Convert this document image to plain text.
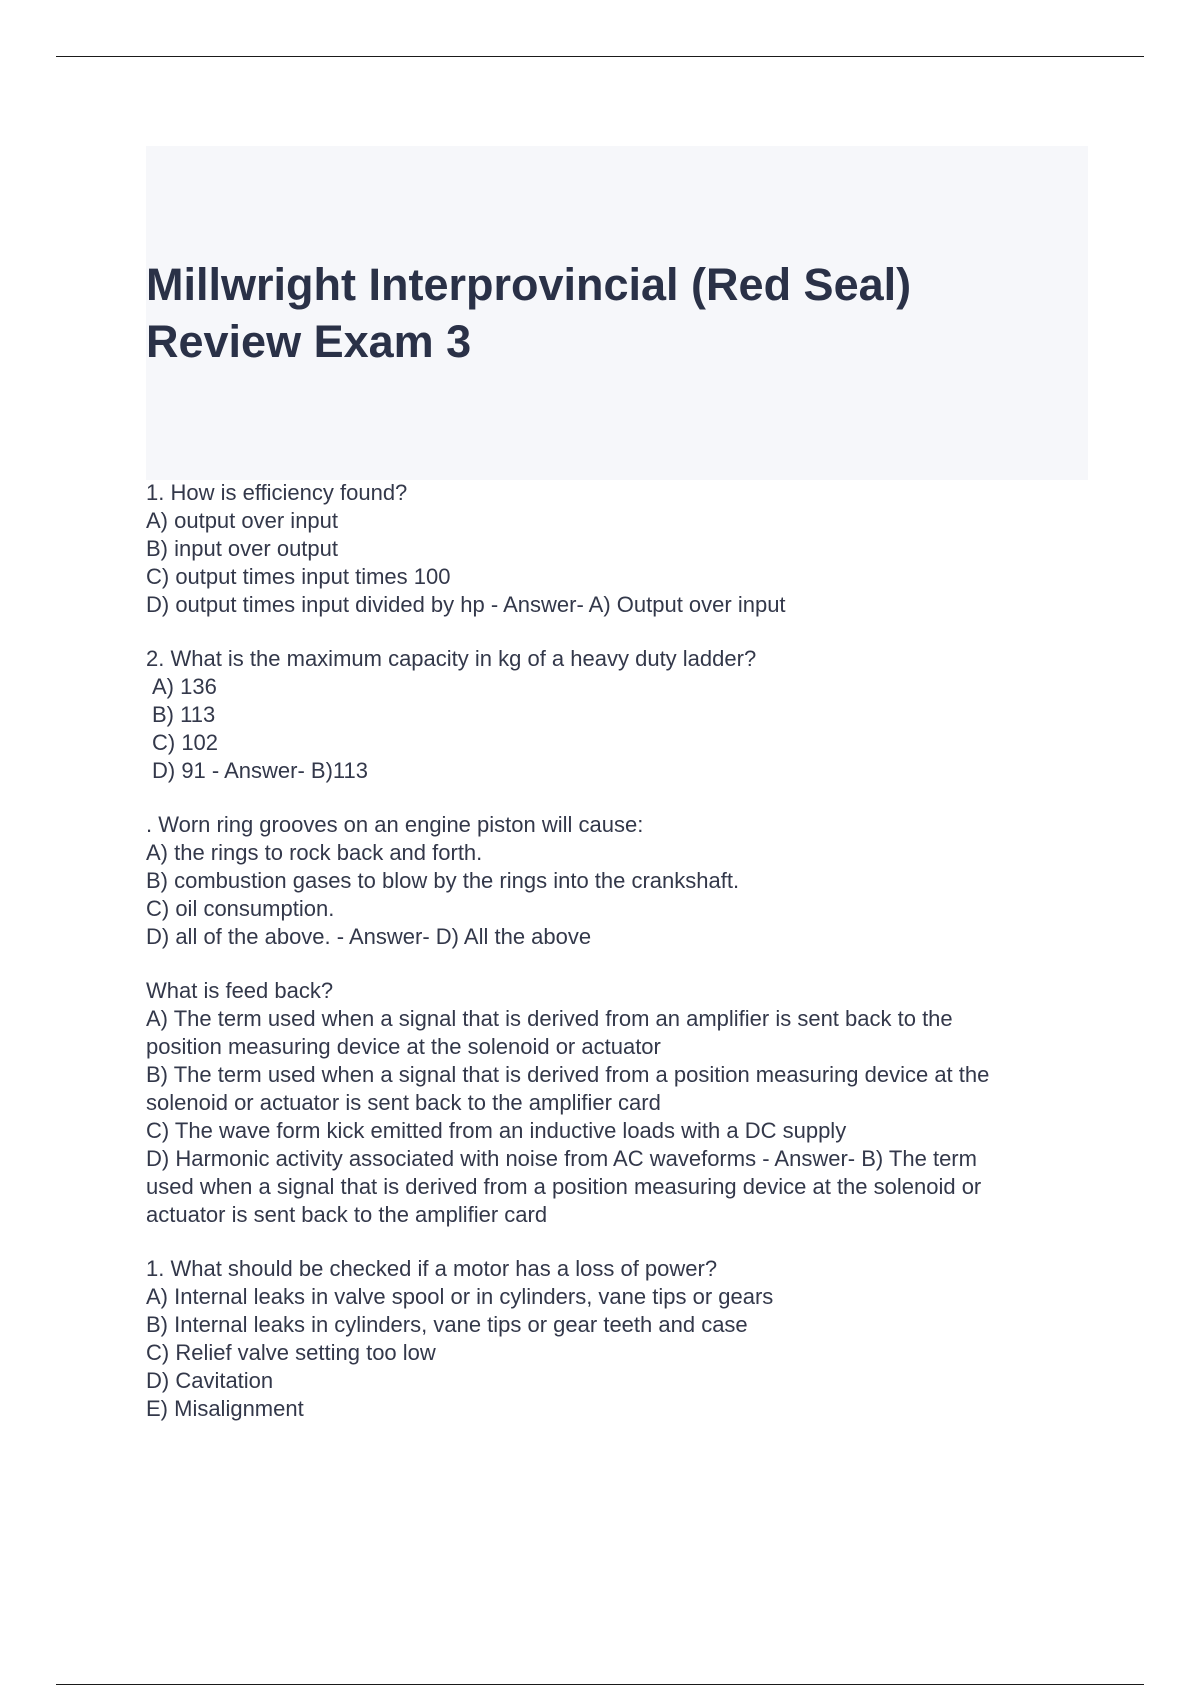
Millwright Interprovincial (Red Seal)
Review Exam 3
1. How is efficiency found?
A) output over input
B) input over output
C) output times input times 100
D) output times input divided by hp - Answer- A) Output over input
2. What is the maximum capacity in kg of a heavy duty ladder?
A) 136
B) 113
C) 102
D) 91 - Answer- B)113
. Worn ring grooves on an engine piston will cause:
A) the rings to rock back and forth.
B) combustion gases to blow by the rings into the crankshaft.
C) oil consumption.
D) all of the above. - Answer- D) All the above
What is feed back?
A) The term used when a signal that is derived from an amplifier is sent back to the
position measuring device at the solenoid or actuator
B) The term used when a signal that is derived from a position measuring device at the
solenoid or actuator is sent back to the amplifier card
C) The wave form kick emitted from an inductive loads with a DC supply
D) Harmonic activity associated with noise from AC waveforms - Answer- B) The term
used when a signal that is derived from a position measuring device at the solenoid or
actuator is sent back to the amplifier card
1. What should be checked if a motor has a loss of power?
A) Internal leaks in valve spool or in cylinders, vane tips or gears
B) Internal leaks in cylinders, vane tips or gear teeth and case
C) Relief valve setting too low
D) Cavitation
E) Misalignment
